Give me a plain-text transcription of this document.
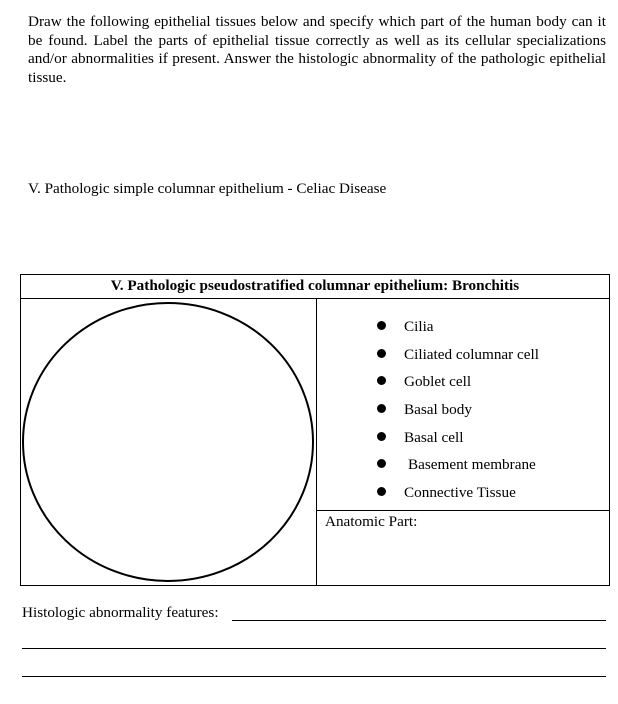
Draw the following epithelial tissues below and specify which part of the human body can it be found. Label the parts of epithelial tissue correctly as well as its cellular specializations and/or abnormalities if present. Answer the histologic abnormality of the pathologic epithelial tissue.

V. Pathologic simple columnar epithelium - Celiac Disease

V. Pathologic pseudostratified columnar epithelium: Bronchitis
Cilia
Ciliated columnar cell
Goblet cell
Basal body
Basal cell
Basement membrane
Connective Tissue
Anatomic Part:
Histologic abnormality features:
